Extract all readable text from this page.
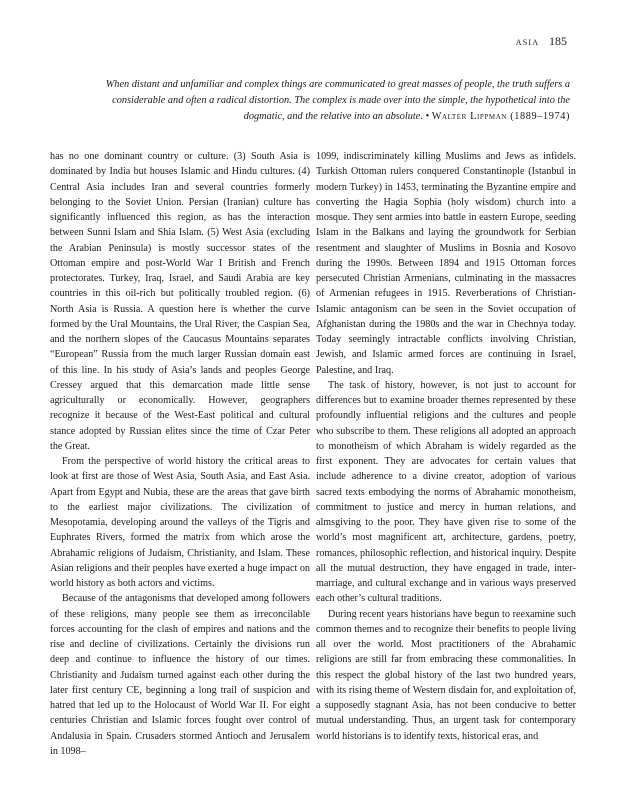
asia 185
When distant and unfamiliar and complex things are communicated to great masses of people, the truth suffers a considerable and often a radical distortion. The complex is made over into the simple, the hypothetical into the dogmatic, and the relative into an absolute. • Walter Lippman (1889–1974)

has no one dominant country or culture. (3) South Asia is dominated by India but houses Islamic and Hindu cultures. (4) Central Asia includes Iran and several countries formerly belonging to the Soviet Union. Persian (Iranian) culture has significantly influenced this region, as has the interaction between Sunni Islam and Shia Islam. (5) West Asia (excluding the Arabian Peninsula) is mostly successor states of the Ottoman empire and post-World War I British and French protectorates. Turkey, Iraq, Israel, and Saudi Arabia are key countries in this oil-rich but politically troubled region. (6) North Asia is Russia. A question here is whether the curve formed by the Ural Mountains, the Ural River, the Caspian Sea, and the northern slopes of the Caucasus Mountains separates “European” Russia from the much larger Russian domain east of this line. In his study of Asia’s lands and peoples George Cressey argued that this demarcation made little sense agriculturally or economically. However, geographers recognize it because of the West-East political and cultural stance adopted by Russian elites since the time of Czar Peter the Great.

From the perspective of world history the critical areas to look at first are those of West Asia, South Asia, and East Asia. Apart from Egypt and Nubia, these are the areas that gave birth to the earliest major civilizations. The civilization of Mesopotamia, developing around the valleys of the Tigris and Euphrates Rivers, formed the matrix from which arose the Abrahamic religions of Judaism, Christianity, and Islam. These Asian religions and their peoples have exerted a huge impact on world history as both actors and victims.

Because of the antagonisms that developed among followers of these religions, many people see them as irreconcilable forces accounting for the clash of empires and nations and the rise and decline of civilizations. Certainly the divisions run deep and continue to influence the history of our times. Christianity and Judaism turned against each other during the later first century CE, beginning a long trail of suspicion and hatred that led up to the Holocaust of World War II. For eight centuries Christian and Islamic forces fought over control of Andalusia in Spain. Crusaders stormed Antioch and Jerusalem in 1098–

1099, indiscriminately killing Muslims and Jews as infidels. Turkish Ottoman rulers conquered Constantinople (Istanbul in modern Turkey) in 1453, terminating the Byzantine empire and converting the Hagia Sophia (holy wisdom) church into a mosque. They sent armies into battle in eastern Europe, seeding Islam in the Balkans and laying the groundwork for Serbian resentment and slaughter of Muslims in Bosnia and Kosovo during the 1990s. Between 1894 and 1915 Ottoman forces persecuted Christian Armenians, culminating in the massacres of Armenian refugees in 1915. Reverberations of Christian-Islamic antagonism can be seen in the Soviet occupation of Afghanistan during the 1980s and the war in Chechnya today. Today seemingly intractable conflicts involving Christian, Jewish, and Islamic armed forces are continuing in Israel, Palestine, and Iraq.

The task of history, however, is not just to account for differences but to examine broader themes represented by these profoundly influential religions and the cultures and people who subscribe to them. These religions all adopted an approach to monotheism of which Abraham is widely regarded as the first exponent. They are advocates for certain values that include adherence to a divine creator, adoption of various sacred texts embodying the norms of Abrahamic monotheism, commitment to justice and mercy in human relations, and almsgiving to the poor. They have given rise to some of the world’s most magnificent art, architecture, gardens, poetry, romances, philosophic reflection, and historical inquiry. Despite all the mutual destruction, they have engaged in trade, intermarriage, and cultural exchange and in various ways preserved each other’s cultural traditions.

During recent years historians have begun to reexamine such common themes and to recognize their benefits to people living all over the world. Most practitioners of the Abrahamic religions are still far from embracing these commonalities. In this respect the global history of the last two hundred years, with its rising theme of Western disdain for, and exploitation of, a supposedly stagnant Asia, has not been conducive to better mutual understanding. Thus, an urgent task for contemporary world historians is to identify texts, historical eras, and
